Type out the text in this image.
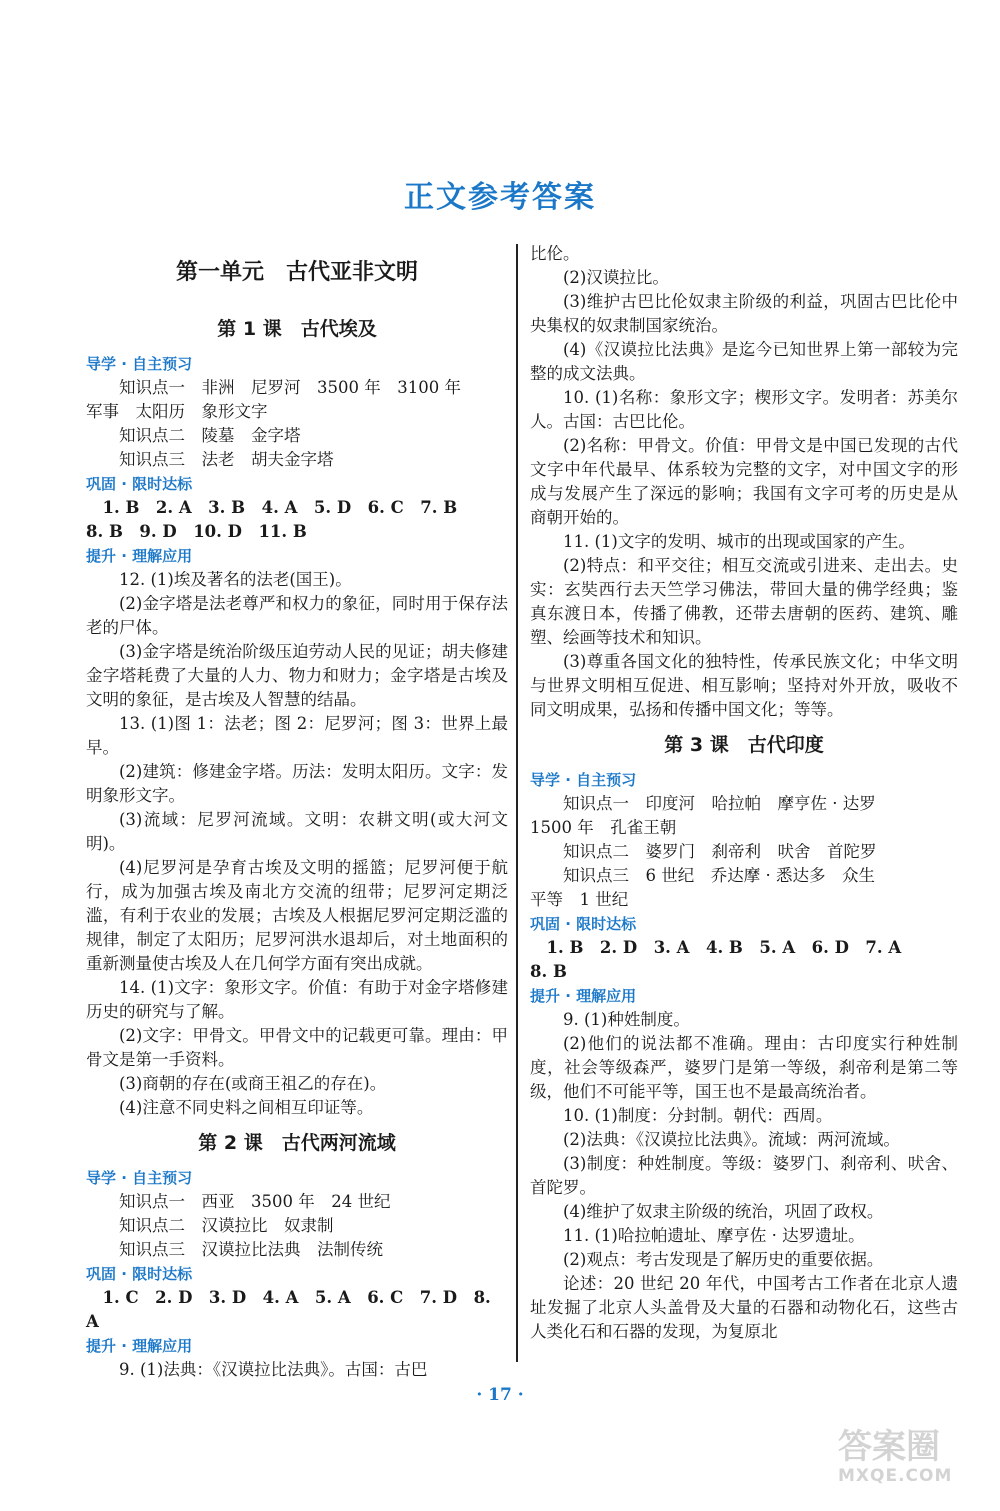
正文参考答案
第一单元　古代亚非文明
第 1 课　古代埃及
导学 · 自主预习
知识点一　非洲　尼罗河　3500 年　3100 年
军事　太阳历　象形文字
知识点二　陵墓　金字塔
知识点三　法老　胡夫金字塔
巩固 · 限时达标
　1. B　2. A　3. B　4. A　5. D　6. C　7. B
8. B　9. D　10. D　11. B
提升 · 理解应用
12. (1)埃及著名的法老(国王)。
(2)金字塔是法老尊严和权力的象征，同时用于保存法老的尸体。
(3)金字塔是统治阶级压迫劳动人民的见证；胡夫修建金字塔耗费了大量的人力、物力和财力；金字塔是古埃及文明的象征，是古埃及人智慧的结晶。
13. (1)图 1：法老；图 2：尼罗河；图 3：世界上最早。
(2)建筑：修建金字塔。历法：发明太阳历。文字：发明象形文字。
(3)流域：尼罗河流域。文明：农耕文明(或大河文明)。
(4)尼罗河是孕育古埃及文明的摇篮；尼罗河便于航行，成为加强古埃及南北方交流的纽带；尼罗河定期泛滥，有利于农业的发展；古埃及人根据尼罗河定期泛滥的规律，制定了太阳历；尼罗河洪水退却后，对土地面积的重新测量使古埃及人在几何学方面有突出成就。
14. (1)文字：象形文字。价值：有助于对金字塔修建历史的研究与了解。
(2)文字：甲骨文。甲骨文中的记载更可靠。理由：甲骨文是第一手资料。
(3)商朝的存在(或商王祖乙的存在)。
(4)注意不同史料之间相互印证等。
第 2 课　古代两河流域
导学 · 自主预习
知识点一　西亚　3500 年　24 世纪
知识点二　汉谟拉比　奴隶制
知识点三　汉谟拉比法典　法制传统
巩固 · 限时达标
　1. C　2. D　3. D　4. A　5. A　6. C　7. D　8. A
提升 · 理解应用
9. (1)法典：《汉谟拉比法典》。古国：古巴
比伦。
(2)汉谟拉比。
(3)维护古巴比伦奴隶主阶级的利益，巩固古巴比伦中央集权的奴隶制国家统治。
(4)《汉谟拉比法典》是迄今已知世界上第一部较为完整的成文法典。
10. (1)名称：象形文字；楔形文字。发明者：苏美尔人。古国：古巴比伦。
(2)名称：甲骨文。价值：甲骨文是中国已发现的古代文字中年代最早、体系较为完整的文字，对中国文字的形成与发展产生了深远的影响；我国有文字可考的历史是从商朝开始的。
11. (1)文字的发明、城市的出现或国家的产生。
(2)特点：和平交往；相互交流或引进来、走出去。史实：玄奘西行去天竺学习佛法，带回大量的佛学经典；鉴真东渡日本，传播了佛教，还带去唐朝的医药、建筑、雕塑、绘画等技术和知识。
(3)尊重各国文化的独特性，传承民族文化；中华文明与世界文明相互促进、相互影响；坚持对外开放，吸收不同文明成果，弘扬和传播中国文化；等等。
第 3 课　古代印度
导学 · 自主预习
知识点一　印度河　哈拉帕　摩亨佐 · 达罗
1500 年　孔雀王朝
知识点二　婆罗门　刹帝利　吠舍　首陀罗
知识点三　6 世纪　乔达摩 · 悉达多　众生
平等　1 世纪
巩固 · 限时达标
　1. B　2. D　3. A　4. B　5. A　6. D　7. A
8. B
提升 · 理解应用
9. (1)种姓制度。
(2)他们的说法都不准确。理由：古印度实行种姓制度，社会等级森严，婆罗门是第一等级，刹帝利是第二等级，他们不可能平等，国王也不是最高统治者。
10. (1)制度：分封制。朝代：西周。
(2)法典：《汉谟拉比法典》。流域：两河流域。
(3)制度：种姓制度。等级：婆罗门、刹帝利、吠舍、首陀罗。
(4)维护了奴隶主阶级的统治，巩固了政权。
11. (1)哈拉帕遗址、摩亨佐 · 达罗遗址。
(2)观点：考古发现是了解历史的重要依据。
论述：20 世纪 20 年代，中国考古工作者在北京人遗址发掘了北京人头盖骨及大量的石器和动物化石，这些古人类化石和石器的发现，为复原北
· 17 ·
答案圈
MXQE.COM
